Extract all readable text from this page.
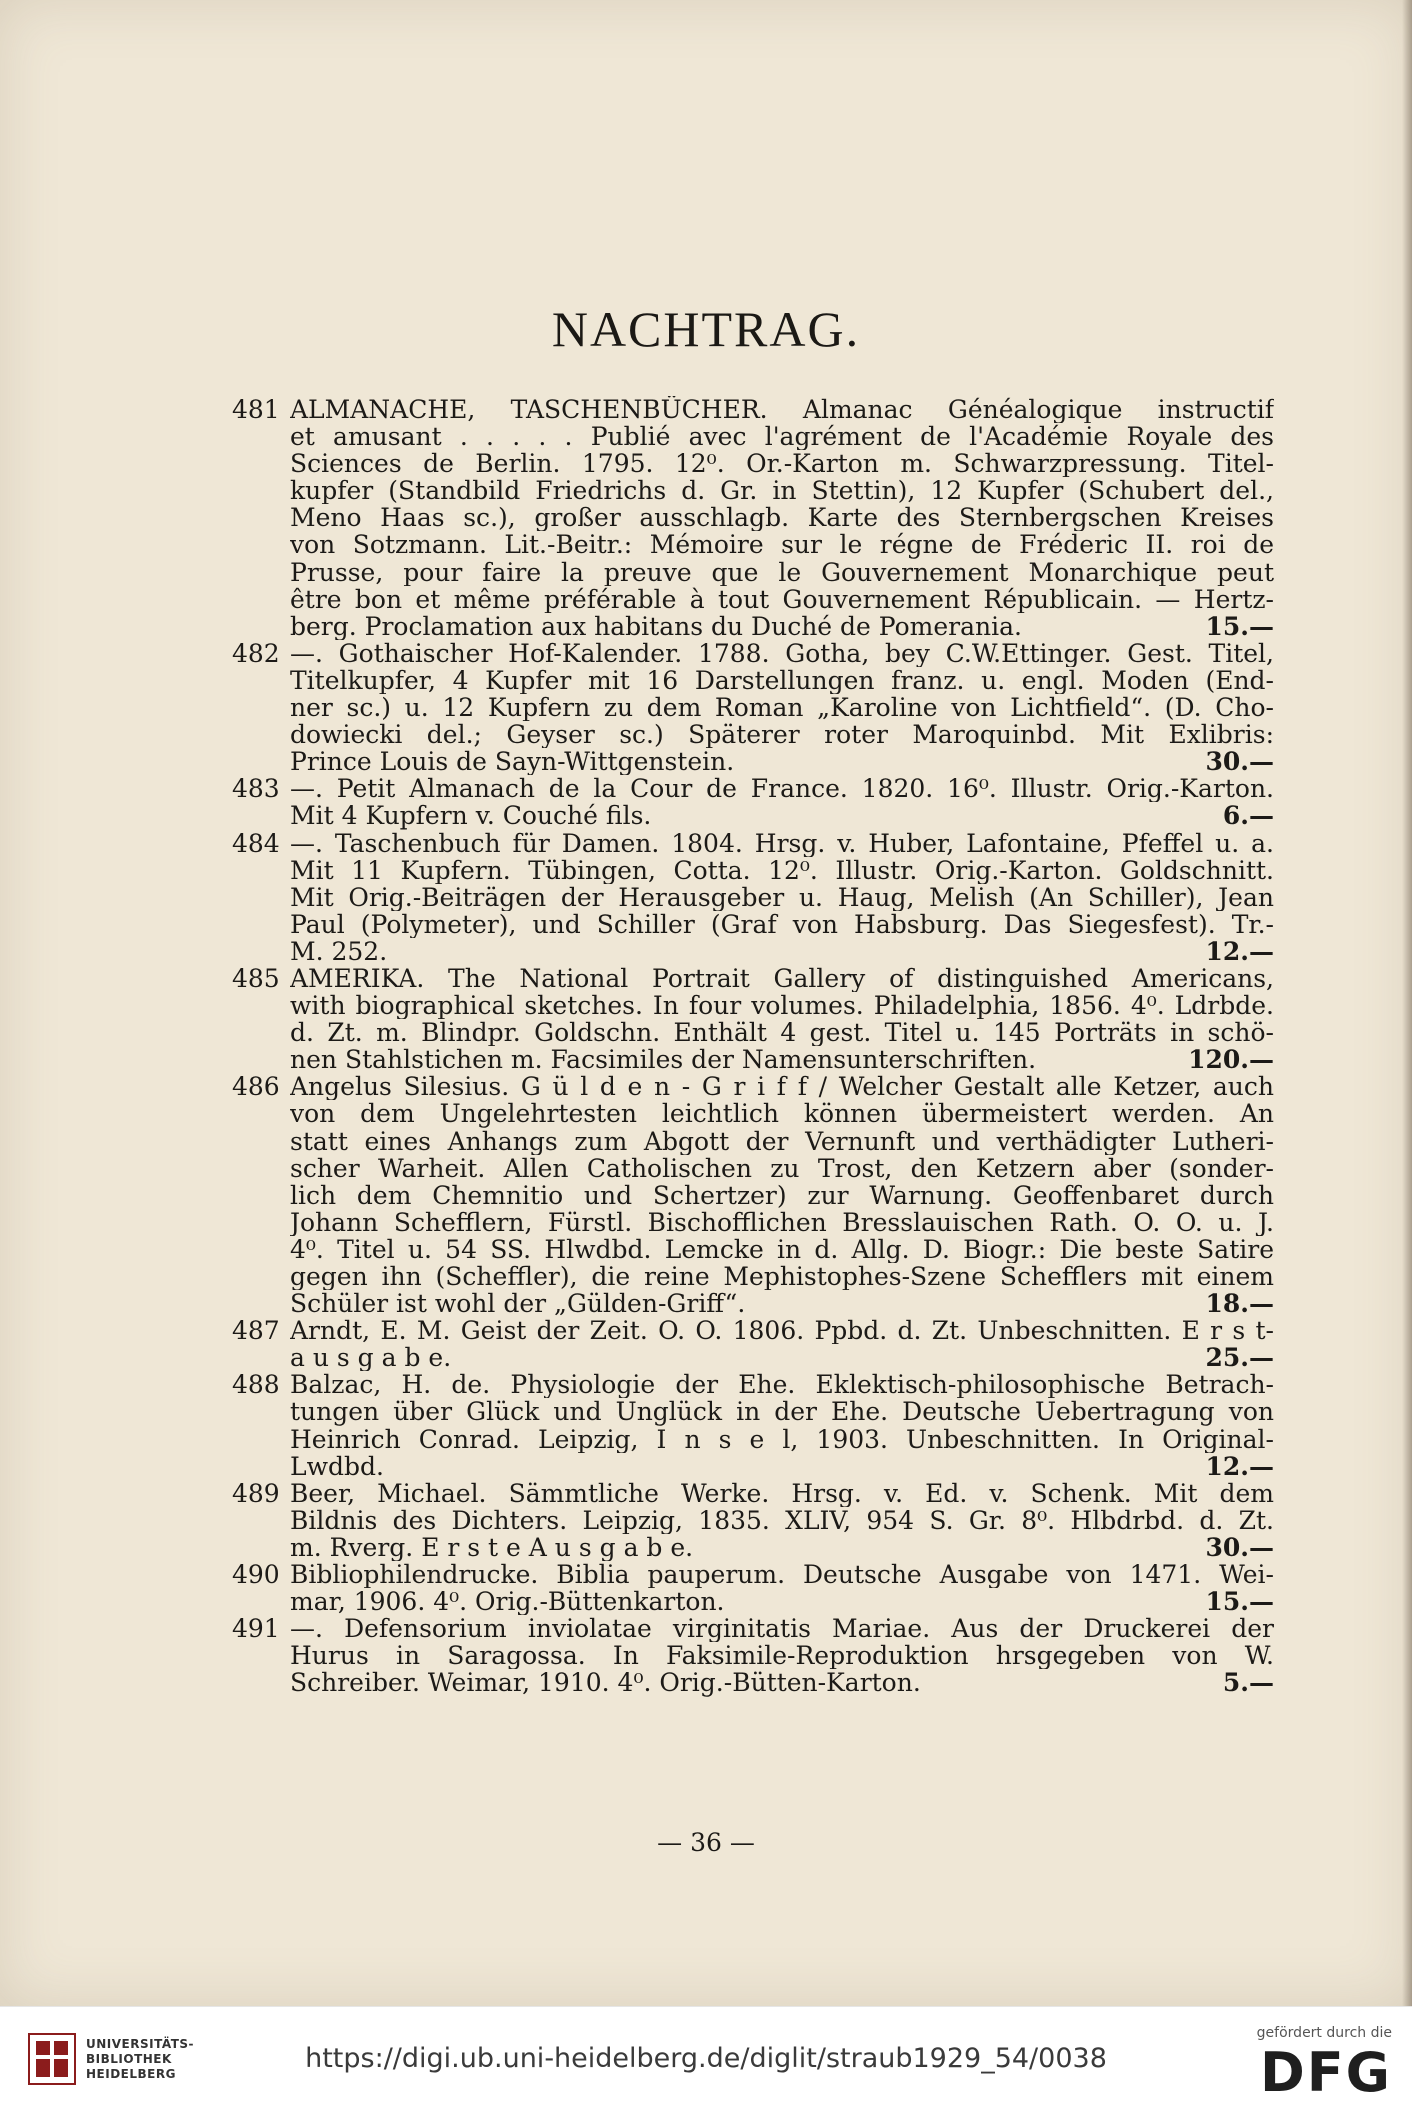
NACHTRAG.
481 ALMANACHE, TASCHENBÜCHER. Almanac Généalogique instructif
et amusant . . . . . Publié avec l'agrément de l'Académie Royale des
Sciences de Berlin. 1795. 12⁰. Or.-Karton m. Schwarzpressung. Titel-
kupfer (Standbild Friedrichs d. Gr. in Stettin), 12 Kupfer (Schubert del.,
Meno Haas sc.), großer ausschlagb. Karte des Sternbergschen Kreises
von Sotzmann. Lit.-Beitr.: Mémoire sur le régne de Fréderic II. roi de
Prusse, pour faire la preuve que le Gouvernement Monarchique peut
être bon et même préférable à tout Gouvernement Républicain. — Hertz-
berg. Proclamation aux habitans du Duché de Pomerania.	15.—
482 —. Gothaischer Hof-Kalender. 1788. Gotha, bey C.W.Ettinger. Gest. Titel,
Titelkupfer, 4 Kupfer mit 16 Darstellungen franz. u. engl. Moden (End-
ner sc.) u. 12 Kupfern zu dem Roman „Karoline von Lichtfield“. (D. Cho-
dowiecki del.; Geyser sc.) Späterer roter Maroquinbd. Mit Exlibris:
Prince Louis de Sayn-Wittgenstein.	30.—
483 —. Petit Almanach de la Cour de France. 1820. 16⁰. Illustr. Orig.-Karton.
Mit 4 Kupfern v. Couché fils.	6.—
484 —. Taschenbuch für Damen. 1804. Hrsg. v. Huber, Lafontaine, Pfeffel u. a.
Mit 11 Kupfern. Tübingen, Cotta. 12⁰. Illustr. Orig.-Karton. Goldschnitt.
Mit Orig.-Beiträgen der Herausgeber u. Haug, Melish (An Schiller), Jean
Paul (Polymeter), und Schiller (Graf von Habsburg. Das Siegesfest). Tr.-
M. 252.	12.—
485 AMERIKA. The National Portrait Gallery of distinguished Americans,
with biographical sketches. In four volumes. Philadelphia, 1856. 4⁰. Ldrbde.
d. Zt. m. Blindpr. Goldschn. Enthält 4 gest. Titel u. 145 Porträts in schö-
nen Stahlstichen m. Facsimiles der Namensunterschriften.	120.—
486 Angelus Silesius. G ü l d e n - G r i f f / Welcher Gestalt alle Ketzer, auch
von dem Ungelehrtesten leichtlich können übermeistert werden. An
statt eines Anhangs zum Abgott der Vernunft und verthädigter Lutheri-
scher Warheit. Allen Catholischen zu Trost, den Ketzern aber (sonder-
lich dem Chemnitio und Schertzer) zur Warnung. Geoffenbaret durch
Johann Schefflern, Fürstl. Bischofflichen Bresslauischen Rath. O. O. u. J.
4⁰. Titel u. 54 SS. Hlwdbd. Lemcke in d. Allg. D. Biogr.: Die beste Satire
gegen ihn (Scheffler), die reine Mephistophes-Szene Schefflers mit einem
Schüler ist wohl der „Gülden-Griff“.	18.—
487 Arndt, E. M. Geist der Zeit. O. O. 1806. Ppbd. d. Zt. Unbeschnitten. E r s t-
a u s g a b e.	25.—
488 Balzac, H. de. Physiologie der Ehe. Eklektisch-philosophische Betrach-
tungen über Glück und Unglück in der Ehe. Deutsche Uebertragung von
Heinrich Conrad. Leipzig, I n s e l, 1903. Unbeschnitten. In Original-
Lwdbd.	12.—
489 Beer, Michael. Sämmtliche Werke. Hrsg. v. Ed. v. Schenk. Mit dem
Bildnis des Dichters. Leipzig, 1835. XLIV, 954 S. Gr. 8⁰. Hlbdrbd. d. Zt.
m. Rverg. E r s t e A u s g a b e.	30.—
490 Bibliophilendrucke. Biblia pauperum. Deutsche Ausgabe von 1471. Wei-
mar, 1906. 4⁰. Orig.-Büttenkarton.	15.—
491 —. Defensorium inviolatae virginitatis Mariae. Aus der Druckerei der
Hurus in Saragossa. In Faksimile-Reproduktion hrsgegeben von W.
Schreiber. Weimar, 1910. 4⁰. Orig.-Bütten-Karton.	5.—
— 36 —
UNIVERSITÄTS-
BIBLIOTHEK
HEIDELBERG	https://digi.ub.uni-heidelberg.de/diglit/straub1929_54/0038
gefördert durch die
DFG
